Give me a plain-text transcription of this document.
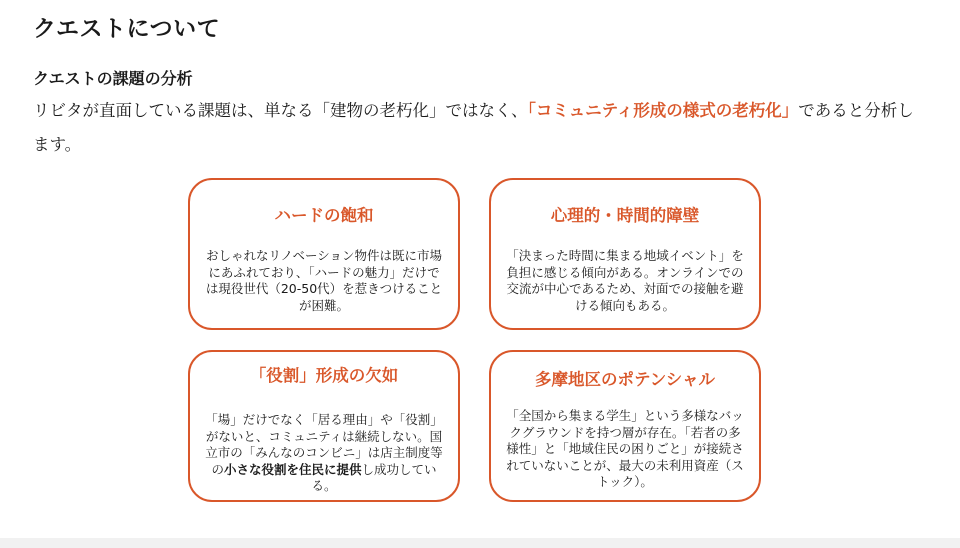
クエストについて
クエストの課題の分析

リビタが直面している課題は、単なる「建物の老朽化」ではなく、「コミュニティ形成の様式の老朽化」であると分析します。

ハードの飽和
おしゃれなリノベーション物件は既に市場にあふれており、「ハードの魅力」だけでは現役世代（20-50代）を惹きつけることが困難。
心理的・時間的障壁
「決まった時間に集まる地域イベント」を負担に感じる傾向がある。オンラインでの交流が中心であるため、対面での接触を避ける傾向もある。
「役割」形成の欠如
「場」だけでなく「居る理由」や「役割」がないと、コミュニティは継続しない。国立市の「みんなのコンビニ」は店主制度等の小さな役割を住民に提供し成功している。
多摩地区のポテンシャル
「全国から集まる学生」という多様なバックグラウンドを持つ層が存在。「若者の多様性」と「地域住民の困りごと」が接続されていないことが、最大の未利用資産（ストック）。
